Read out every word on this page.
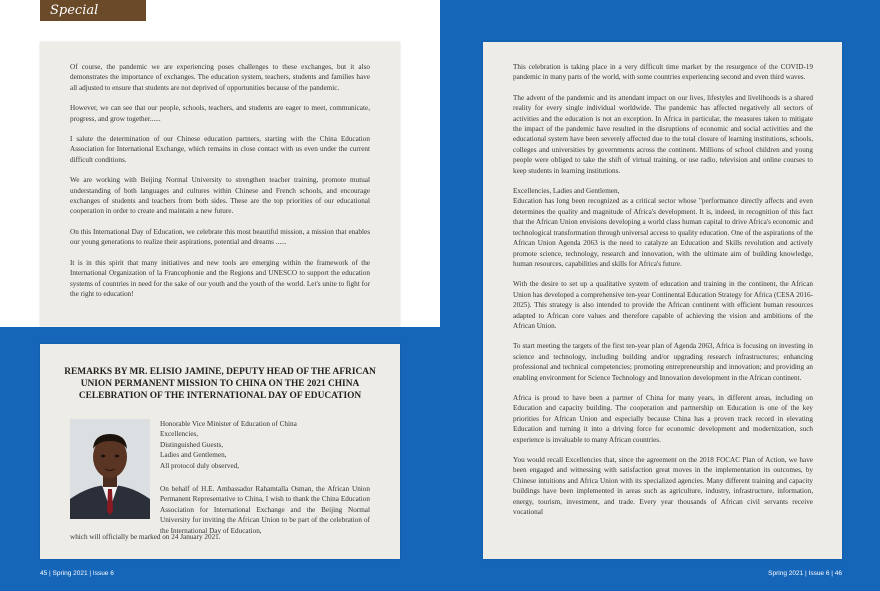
Special Events

Of course, the pandemic we are experiencing poses challenges to these exchanges, but it also demonstrates the importance of exchanges. The education system, teachers, students and families have all adjusted to ensure that students are not deprived of opportunities because of the pandemic.

However, we can see that our people, schools, teachers, and students are eager to meet, communicate, progress, and grow together......

I salute the determination of our Chinese education partners, starting with the China Education Association for International Exchange, which remains in close contact with us even under the current difficult conditions.

We are working with Beijing Normal University to strengthen teacher training, promote mutual understanding of both languages and cultures within Chinese and French schools, and encourage exchanges of students and teachers from both sides. These are the top priorities of our educational cooperation in order to create and maintain a new future.

On this International Day of Education, we celebrate this most beautiful mission, a mission that enables our young generations to realize their aspirations, potential and dreams ......

It is in this spirit that many initiatives and new tools are emerging within the framework of the International Organization of la Francophonie and the Regions and UNESCO to support the education systems of countries in need for the sake of our youth and the youth of the world. Let's unite to fight for the right to education!

REMARKS BY MR. ELISIO JAMINE, DEPUTY HEAD OF THE AFRICAN UNION PERMANENT MISSION TO CHINA ON THE 2021 CHINA CELEBRATION OF THE INTERNATIONAL DAY OF EDUCATION
Honorable Vice Minister of Education of China
Excellencies,
Distinguished Guests,
Ladies and Gentlemen,
All protocol duly observed,
On behalf of H.E. Ambassador Rahamtalla Osman, the African Union Permanent Representative to China, I wish to thank the China Education Association for International Exchange and the Beijing Normal University for inviting the African Union to be part of the celebration of the International Day of Education,
which will officially be marked on 24 January 2021.

This celebration is taking place in a very difficult time market by the resurgence of the COVID-19 pandemic in many parts of the world, with some countries experiencing second and even third waves.

The advent of the pandemic and its attendant impact on our lives, lifestyles and livelihoods is a shared reality for every single individual worldwide. The pandemic has affected negatively all sectors of activities and the education is not an exception. In Africa in particular, the measures taken to mitigate the impact of the pandemic have resulted in the disruptions of economic and social activities and the educational system have been severely affected due to the total closure of learning institutions, schools, colleges and universities by governments across the continent. Millions of school children and young people were obliged to take the shift of virtual training, or use radio, television and online courses to keep students in learning institutions.

Excellencies, Ladies and Gentlemen,

Education has long been recognized as a critical sector whose "performance directly affects and even determines the quality and magnitude of Africa's development. It is, indeed, in recognition of this fact that the African Union envisions developing a world class human capital to drive Africa's economic and technological transformation through universal access to quality education. One of the aspirations of the African Union Agenda 2063 is the need to catalyze an Education and Skills revolution and actively promote science, technology, research and innovation, with the ultimate aim of building knowledge, human resources, capabilities and skills for Africa's future.

With the desire to set up a qualitative system of education and training in the continent, the African Union has developed a comprehensive ten-year Continental Education Strategy for Africa (CESA 2016-2025). This strategy is also intended to provide the African continent with efficient human resources adapted to African core values and therefore capable of achieving the vision and ambitions of the African Union.

To start meeting the targets of the first ten-year plan of Agenda 2063, Africa is focusing on investing in science and technology, including building and/or upgrading research infrastructures; enhancing professional and technical competencies; promoting entrepreneurship and innovation; and providing an enabling environment for Science Technology and Innovation development in the African continent.

Africa is proud to have been a partner of China for many years, in different areas, including on Education and capacity building. The cooperation and partnership on Education is one of the key priorities for African Union and especially because China has a proven track record in elevating Education and turning it into a driving force for economic development and modernization, such experience is invaluable to many African countries.

You would recall Excellencies that, since the agreement on the 2018 FOCAC Plan of Action, we have been engaged and witnessing with satisfaction great moves in the implementation its outcomes, by Chinese intuitions and Africa Union with its specialized agencies. Many different training and capacity buildings have been implemented in areas such as agriculture, industry, infrastructure, information, energy, tourism, investment, and trade. Every year thousands of African civil servants receive vocational

45 | Spring 2021 | Issue 6	Spring 2021 | Issue 6 | 46
